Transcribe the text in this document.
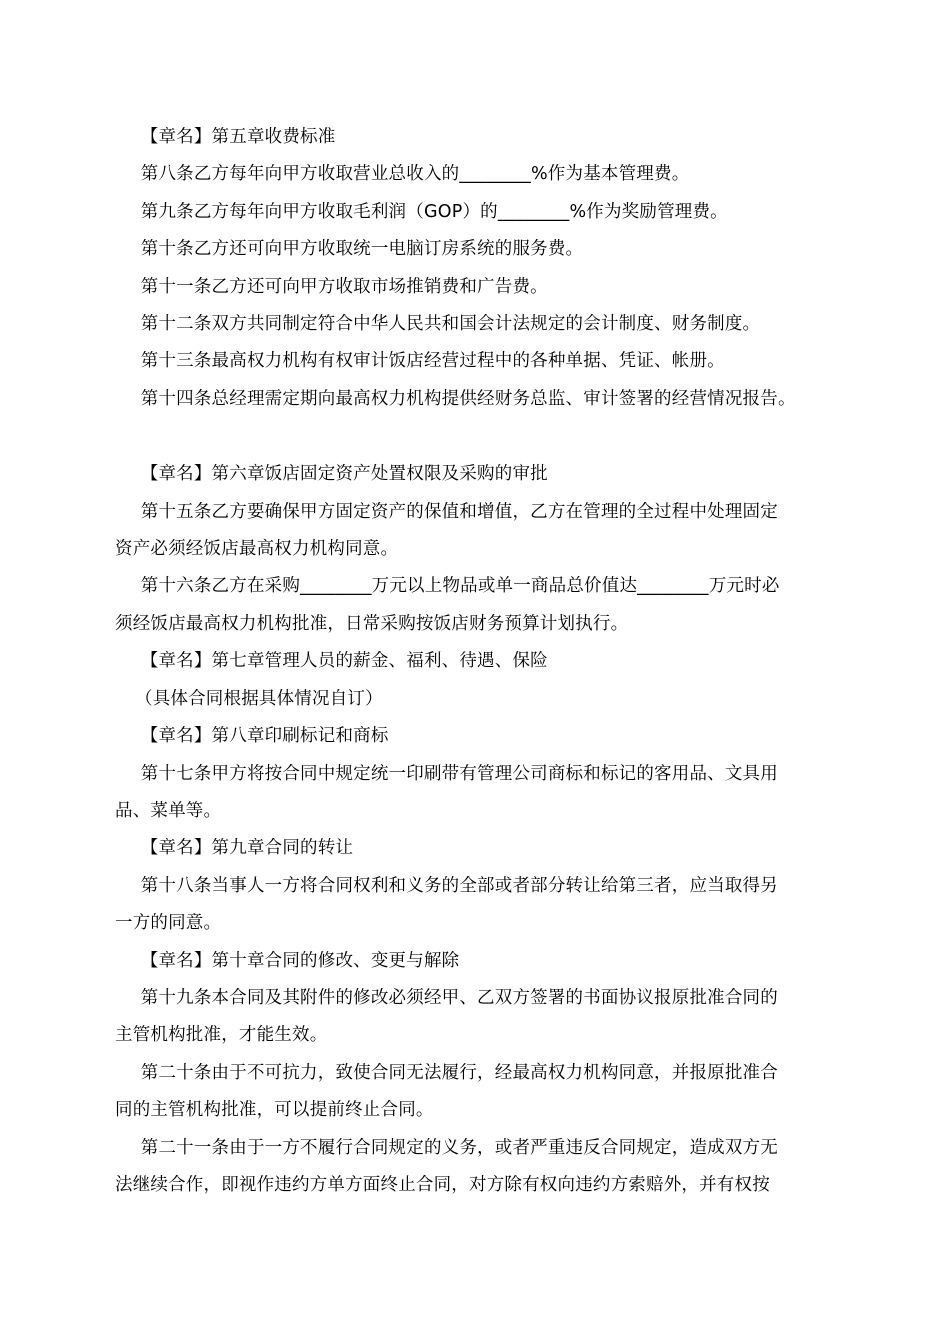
【章名】第五章收费标准

第八条乙方每年向甲方收取营业总收入的________%作为基本管理费。

第九条乙方每年向甲方收取毛利润（GOP）的________%作为奖励管理费。

第十条乙方还可向甲方收取统一电脑订房系统的服务费。

第十一条乙方还可向甲方收取市场推销费和广告费。

第十二条双方共同制定符合中华人民共和国会计法规定的会计制度、财务制度。

第十三条最高权力机构有权审计饭店经营过程中的各种单据、凭证、帐册。

第十四条总经理需定期向最高权力机构提供经财务总监、审计签署的经营情况报告。

【章名】第六章饭店固定资产处置权限及采购的审批

第十五条乙方要确保甲方固定资产的保值和增值，乙方在管理的全过程中处理固定

资产必须经饭店最高权力机构同意。

第十六条乙方在采购________万元以上物品或单一商品总价值达________万元时必

须经饭店最高权力机构批准，日常采购按饭店财务预算计划执行。

【章名】第七章管理人员的薪金、福利、待遇、保险

（具体合同根据具体情况自订）

【章名】第八章印刷标记和商标

第十七条甲方将按合同中规定统一印刷带有管理公司商标和标记的客用品、文具用

品、菜单等。

【章名】第九章合同的转让

第十八条当事人一方将合同权利和义务的全部或者部分转让给第三者，应当取得另

一方的同意。

【章名】第十章合同的修改、变更与解除

第十九条本合同及其附件的修改必须经甲、乙双方签署的书面协议报原批准合同的

主管机构批准，才能生效。

第二十条由于不可抗力，致使合同无法履行，经最高权力机构同意，并报原批准合

同的主管机构批准，可以提前终止合同。

第二十一条由于一方不履行合同规定的义务，或者严重违反合同规定，造成双方无

法继续合作，即视作违约方单方面终止合同，对方除有权向违约方索赔外，并有权按
